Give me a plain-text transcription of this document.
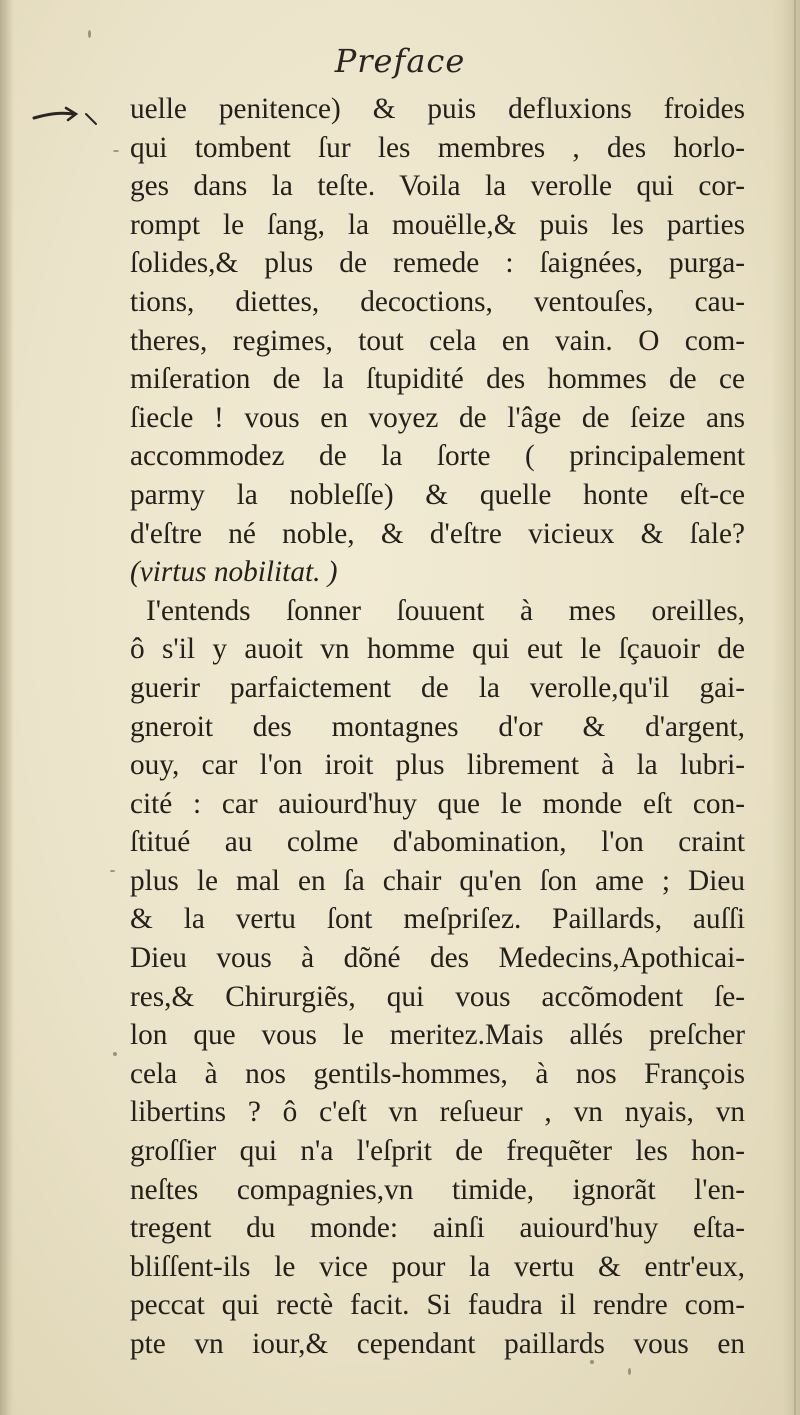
Preface
uelle penitence) & puis defluxions froides
qui tombent ſur les membres , des horlo-
ges dans la teſte. Voila la verolle qui cor-
rompt le ſang, la mouëlle,& puis les parties
ſolides,& plus de remede : ſaignées, purga-
tions, diettes, decoctions, ventouſes, cau-
theres, regimes, tout cela en vain. O com-
miſeration de la ſtupidité des hommes de ce
ſiecle ! vous en voyez de l'âge de ſeize ans
accommodez de la ſorte ( principalement
parmy la nobleſſe) & quelle honte eſt-ce
d'eſtre né noble, & d'eſtre vicieux & ſale?
(virtus nobilitat. )
I'entends ſonner ſouuent à mes oreilles,
ô s'il y auoit vn homme qui eut le ſçauoir de
guerir parfaictement de la verolle,qu'il gai-
gneroit des montagnes d'or & d'argent,
ouy, car l'on iroit plus librement à la lubri-
cité : car auiourd'huy que le monde eſt con-
ſtitué au colme d'abomination, l'on craint
plus le mal en ſa chair qu'en ſon ame ; Dieu
& la vertu ſont meſpriſez. Paillards, auſſi
Dieu vous à dõné des Medecins,Apothicai-
res,& Chirurgiẽs, qui vous accõmodent ſe-
lon que vous le meritez.Mais allés preſcher
cela à nos gentils-hommes, à nos François
libertins ? ô c'eſt vn reſueur , vn nyais, vn
groſſier qui n'a l'eſprit de frequẽter les hon-
neſtes compagnies,vn timide, ignorãt l'en-
tregent du monde: ainſi auiourd'huy eſta-
bliſſent-ils le vice pour la vertu & entr'eux,
peccat qui rectè facit. Si faudra il rendre com-
pte vn iour,& cependant paillards vous en
